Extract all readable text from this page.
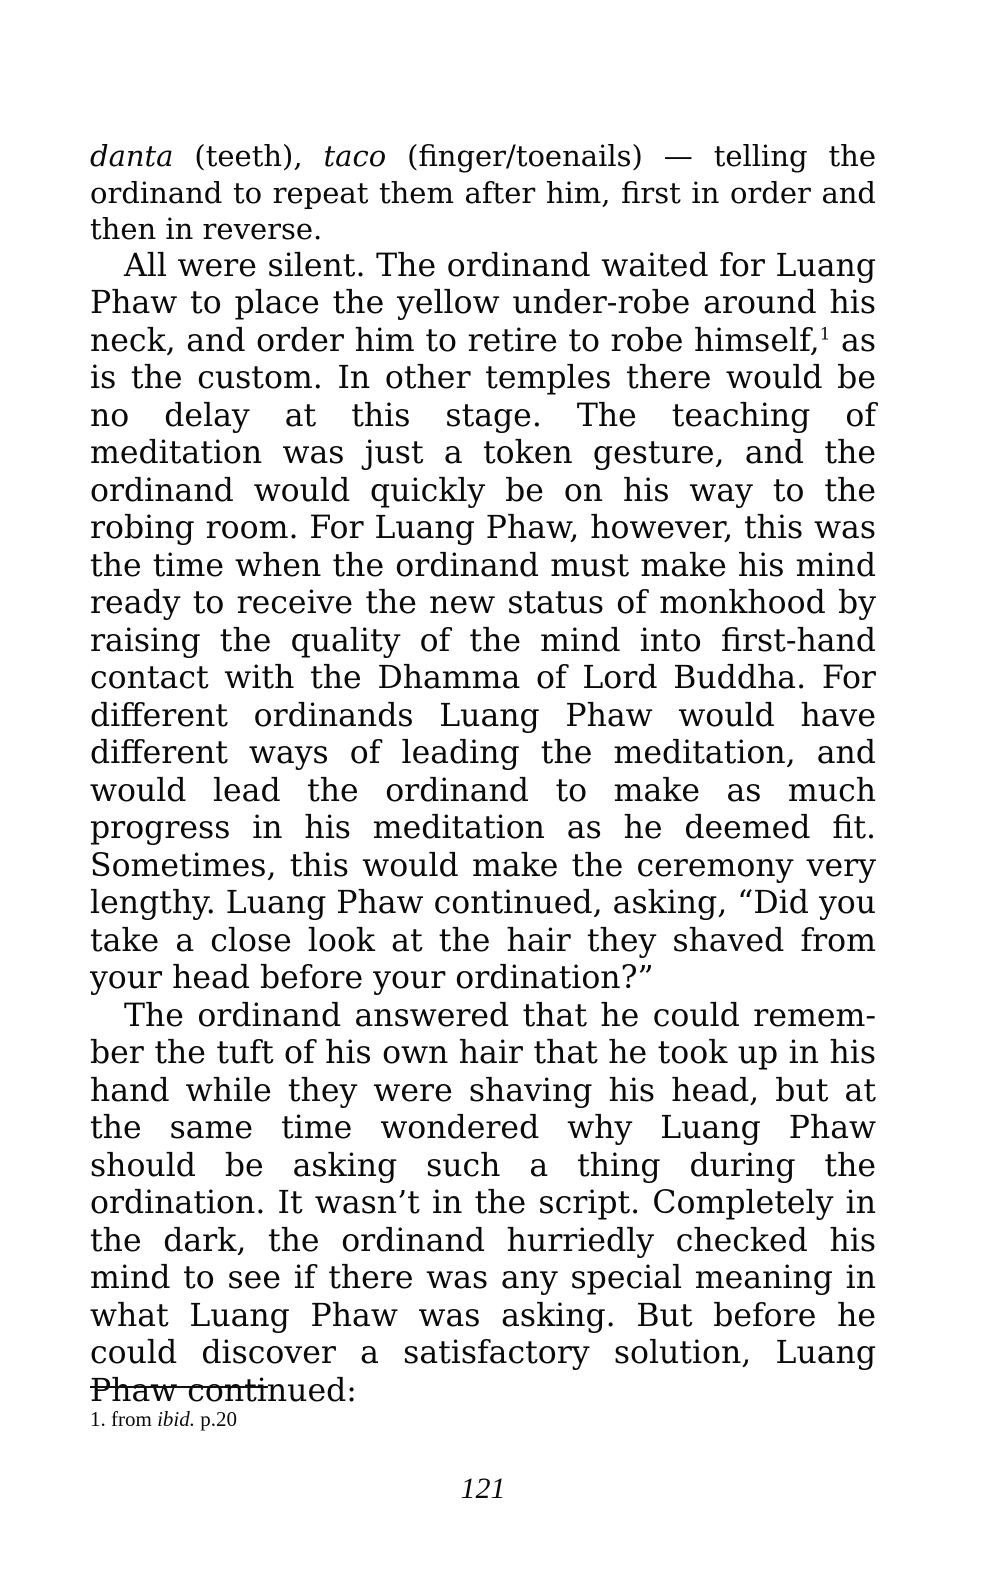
danta (teeth), taco (finger/toenails) — telling the ordinand to repeat them after him, first in order and then in reverse.

All were silent. The ordinand waited for Luang Phaw to place the yellow under-robe around his neck, and order him to retire to robe himself,$^1$ as is the custom. In other temples there would be no delay at this stage. The teaching of meditation was just a token gesture, and the ordinand would quickly be on his way to the robing room. For Luang Phaw, however, this was the time when the ordinand must make his mind ready to receive the new status of monkhood by raising the quality of the mind into first-hand contact with the Dhamma of Lord Buddha. For different ordinands Luang Phaw would have different ways of leading the meditation, and would lead the ordinand to make as much progress in his meditation as he deemed fit. Sometimes, this would make the ceremony very lengthy. Luang Phaw continued, asking, “Did you take a close look at the hair they shaved from your head before your ordination?”

The ordinand answered that he could remember the tuft of his own hair that he took up in his hand while they were shaving his head, but at the same time wondered why Luang Phaw should be asking such a thing during the ordination. It wasn’t in the script. Completely in the dark, the ordinand hurriedly checked his mind to see if there was any special meaning in what Luang Phaw was asking. But before he could discover a satisfactory solution, Luang Phaw continued:

1. from ibid. p.20
121
